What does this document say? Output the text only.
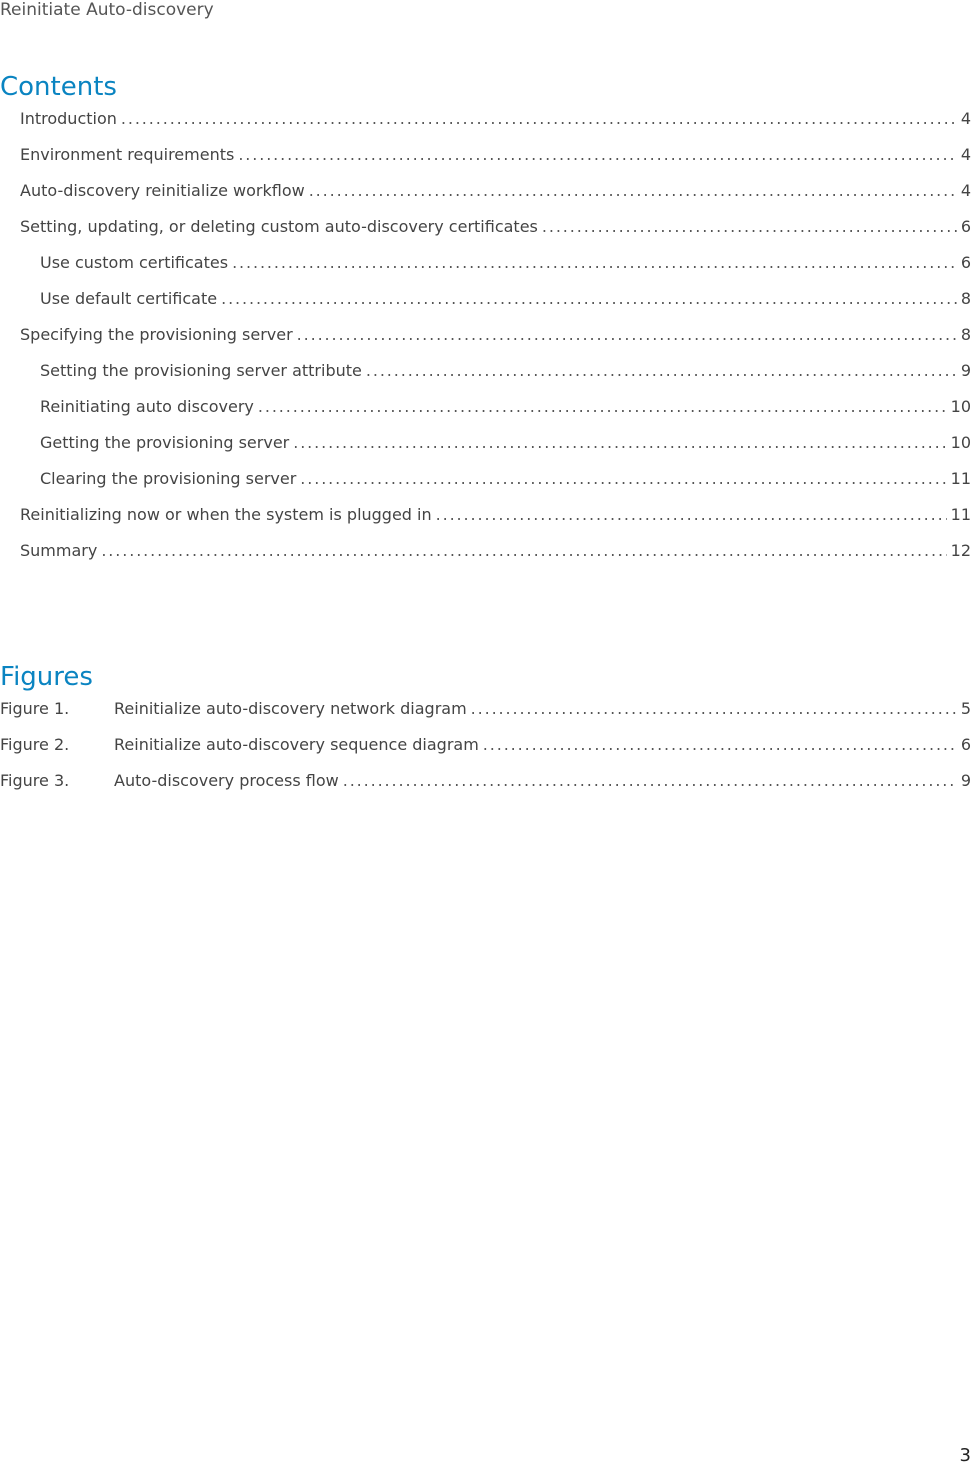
Reinitiate Auto-discovery
Contents
Introduction . . .	4
Environment requirements . . .	4
Auto-discovery reinitialize workflow . . .	4
Setting, updating, or deleting custom auto-discovery certificates . . .	6
Use custom certificates . . .	6
Use default certificate . . .	8
Specifying the provisioning server . . .	8
Setting the provisioning server attribute . . .	9
Reinitiating auto discovery . . .	10
Getting the provisioning server . . .	10
Clearing the provisioning server . . .	11
Reinitializing now or when the system is plugged in . . .	11
Summary . . .	12
Figures
Figure 1.	Reinitialize auto-discovery network diagram . . .	5
Figure 2.	Reinitialize auto-discovery sequence diagram . . .	6
Figure 3.	Auto-discovery process flow . . .	9
3
